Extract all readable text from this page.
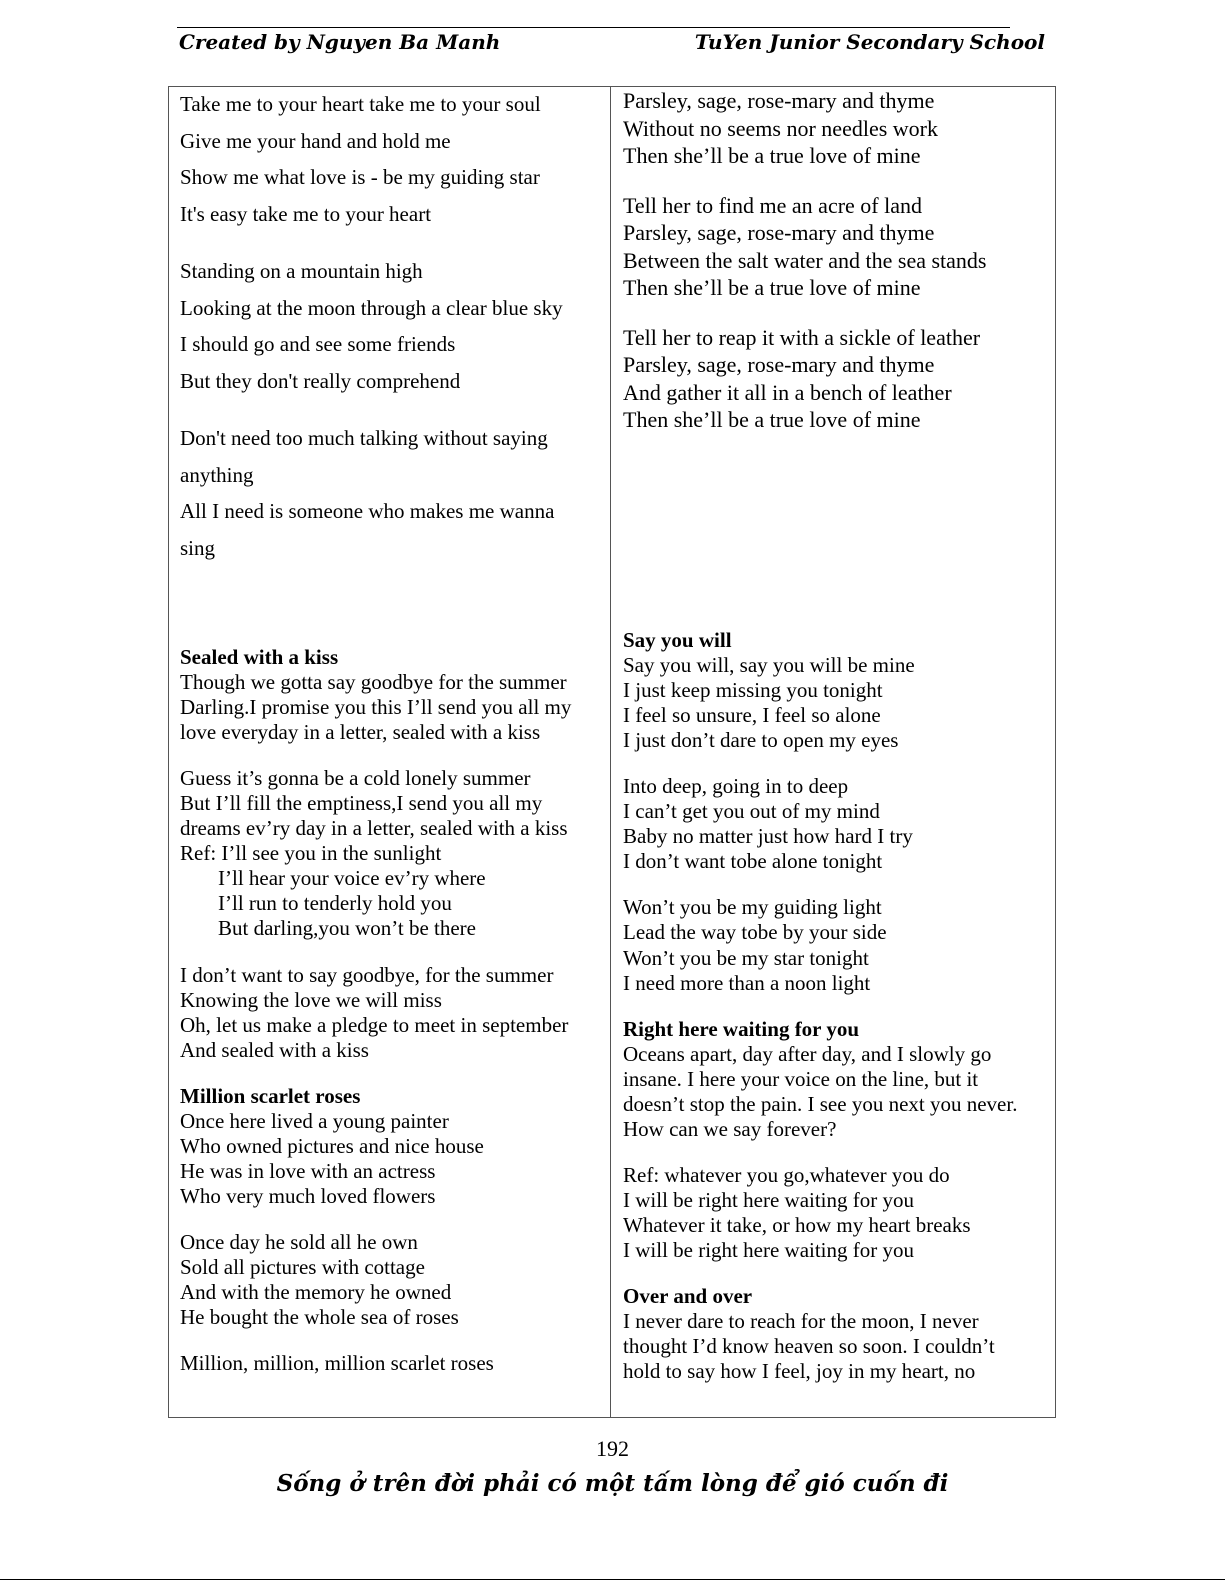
Created by Nguyen Ba Manh	TuYen Junior Secondary School
Take me to your heart take me to your soul
Give me your hand and hold me
Show me what love is - be my guiding star
It's easy take me to your heart

Standing on a mountain high
Looking at the moon through a clear blue sky
I should go and see some friends
But they don't really comprehend

Don't need too much talking without saying
anything
All I need is someone who makes me wanna
sing
Parsley, sage, rose-mary and thyme
Without no seems nor needles work
Then she’ll be a true love of mine

Tell her to find me an acre of land
Parsley, sage, rose-mary and thyme
Between the salt water and the sea stands
Then she’ll be a true love of mine

Tell her to reap it with a sickle of leather
Parsley, sage, rose-mary and thyme
And gather it all in a bench of leather
Then she’ll be a true love of mine
Sealed with a kiss
Though we gotta say goodbye for the summer
Darling.I promise you this I’ll send you all my
love everyday in a letter, sealed with a kiss

Guess it’s gonna be a cold lonely summer
But I’ll fill the emptiness,I send you all my
dreams ev’ry day in a letter, sealed with a kiss
Ref: I’ll see you in the sunlight
I’ll hear your voice ev’ry where
I’ll run to tenderly hold you
But darling,you won’t be there

I don’t want to say goodbye, for the summer
Knowing the love we will miss
Oh, let us make a pledge to meet in september
And sealed with a kiss

Million scarlet roses
Once here lived a young painter
Who owned pictures and nice house
He was in love with an actress
Who very much loved flowers

Once day he sold all he own
Sold all pictures with cottage
And with the memory he owned
He bought the whole sea of roses

Million, million, million scarlet roses
Say you will
Say you will, say you will be mine
I just keep missing you tonight
I feel so unsure, I feel so alone
I just don’t dare to open my eyes

Into deep, going in to deep
I can’t get you out of my mind
Baby no matter just how hard I try
I don’t want tobe alone tonight

Won’t you be my guiding light
Lead the way tobe by your side
Won’t you be my star tonight
I need more than a noon light

Right here waiting for you
Oceans apart, day after day, and I slowly go
insane. I here your voice on the line, but it
doesn’t stop the pain. I see you next you never.
How can we say forever?

Ref: whatever you go,whatever you do
I will be right here waiting for you
Whatever it take, or how my heart breaks
I will be right here waiting for you

Over and over
I never dare to reach for the moon, I never
thought I’d know heaven so soon. I couldn’t
hold to say how I feel, joy in my heart, no
192
Sống ở trên đời phải có một tấm lòng để gió cuốn đi
